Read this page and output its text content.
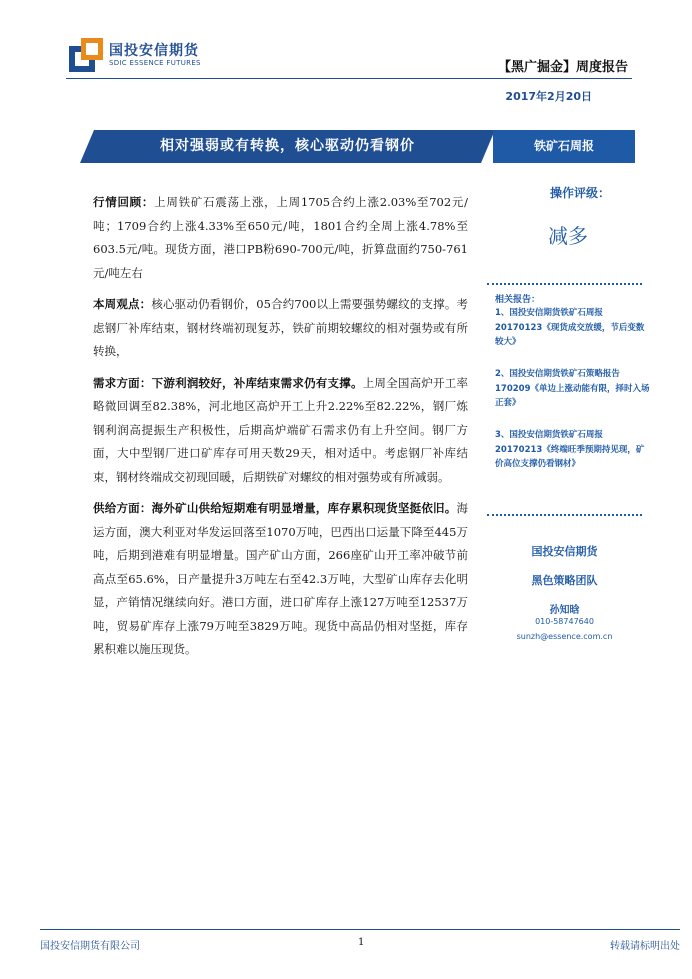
国投安信期货
SDIC ESSENCE FUTURES	【黑广掘金】周度报告
2017年2月20日
相对强弱或有转换，核心驱动仍看钢价	铁矿石周报

行情回顾：上周铁矿石震荡上涨，上周1705合约上涨2.03%至702元/吨；1709合约上涨4.33%至650元/吨，1801合约全周上涨4.78%至603.5元/吨。现货方面，港口PB粉690-700元/吨，折算盘面约750-761元/吨左右

本周观点：核心驱动仍看钢价，05合约700以上需要强势螺纹的支撑。考虑钢厂补库结束，钢材终端初现复苏，铁矿前期较螺纹的相对强势或有所转换，

需求方面：下游利润较好，补库结束需求仍有支撑。上周全国高炉开工率略微回调至82.38%，河北地区高炉开工上升2.22%至82.22%，钢厂炼钢利润高提振生产积极性，后期高炉端矿石需求仍有上升空间。钢厂方面，大中型钢厂进口矿库存可用天数29天，相对适中。考虑钢厂补库结束，钢材终端成交初现回暖，后期铁矿对螺纹的相对强势或有所减弱。

供给方面：海外矿山供给短期难有明显增量，库存累积现货坚挺依旧。海运方面，澳大利亚对华发运回落至1070万吨，巴西出口运量下降至445万吨，后期到港难有明显增量。国产矿山方面，266座矿山开工率冲破节前高点至65.6%，日产量提升3万吨左右至42.3万吨，大型矿山库存去化明显，产销情况继续向好。港口方面，进口矿库存上涨127万吨至12537万吨，贸易矿库存上涨79万吨至3829万吨。现货中高品仍相对坚挺，库存累积难以施压现货。

操作评级：
减多
相关报告：
1、国投安信期货铁矿石周报20170123《现货成交放缓，节后变数较大》
2、国投安信期货铁矿石策略报告170209《单边上涨动能有限，择时入场正套》
3、国投安信期货铁矿石周报20170213《终端旺季预期持见现，矿价高位支撑仍看钢材》
国投安信期货
黑色策略团队
孙知晗
010-58747640
sunzh@essence.com.cn
国投安信期货有限公司	1	转载请标明出处
